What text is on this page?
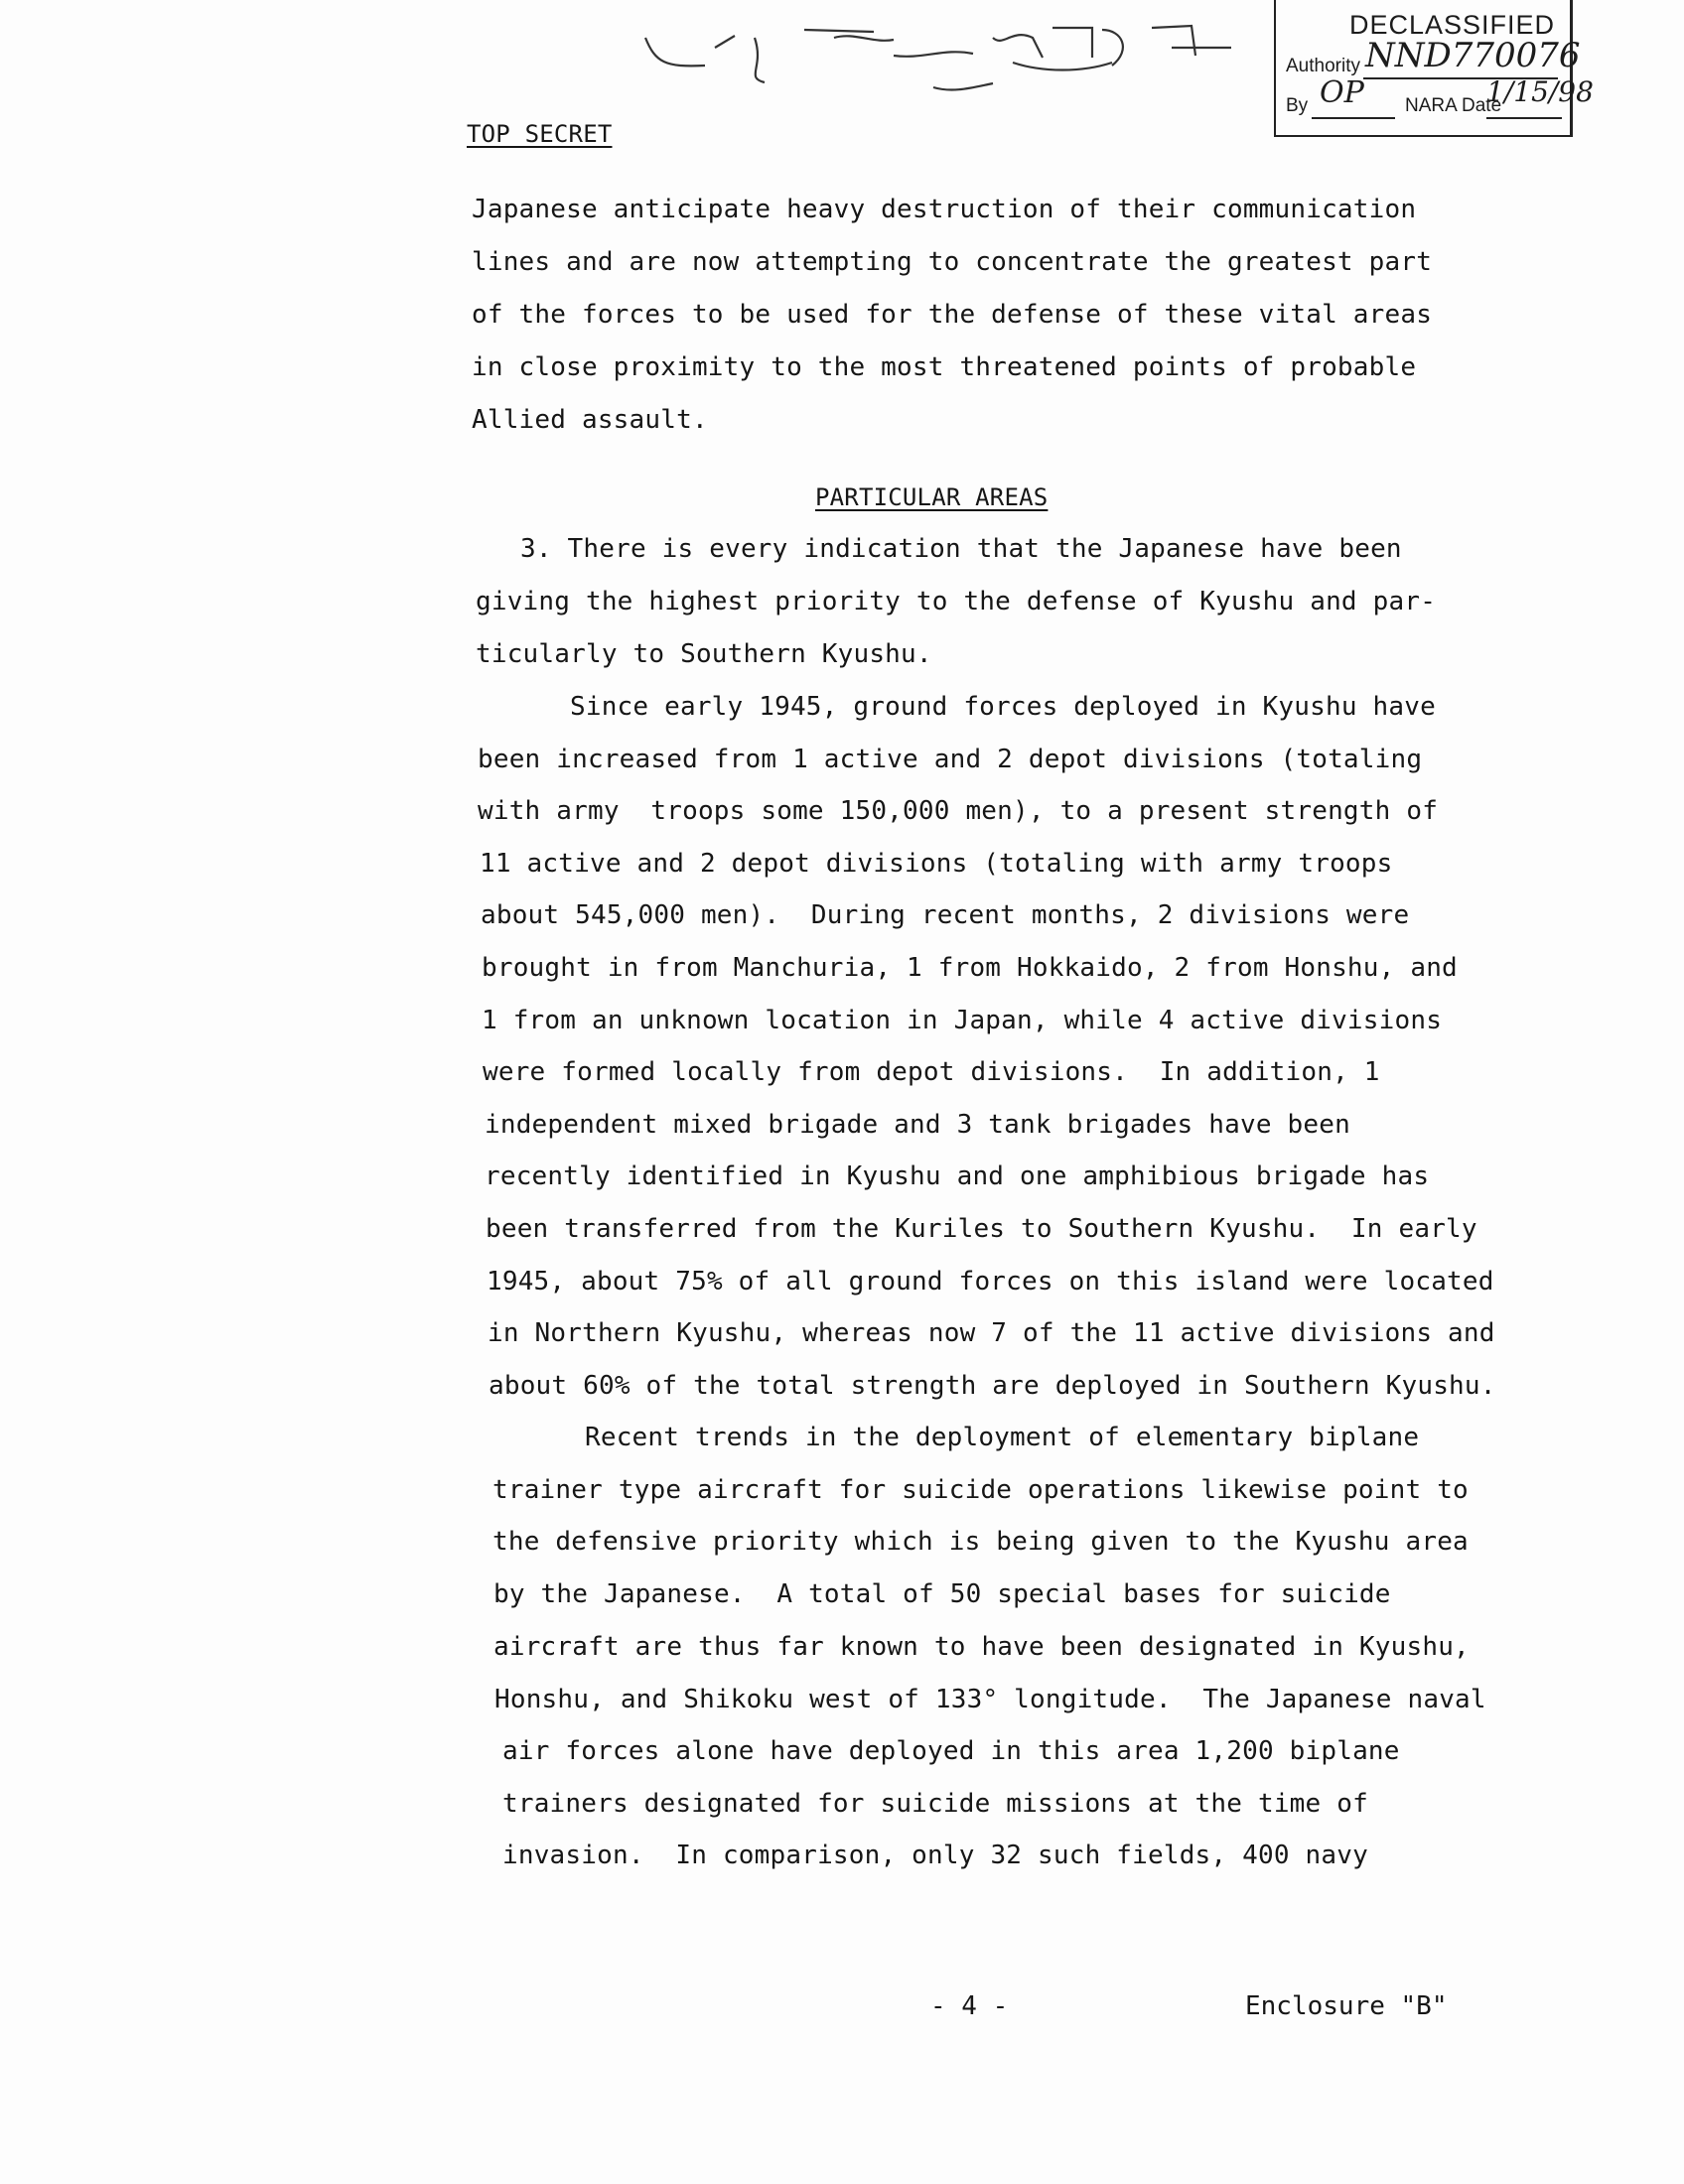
DECLASSIFIED
Authority NND770076
By OP NARA Date
1/15/98
TOP SECRET
Japanese anticipate heavy destruction of their communication
lines and are now attempting to concentrate the greatest part
of the forces to be used for the defense of these vital areas
in close proximity to the most threatened points of probable
Allied assault.
PARTICULAR AREAS
3. There is every indication that the Japanese have been
giving the highest priority to the defense of Kyushu and par-
ticularly to Southern Kyushu.
Since early 1945, ground forces deployed in Kyushu have
been increased from 1 active and 2 depot divisions (totaling
with army  troops some 150,000 men), to a present strength of
11 active and 2 depot divisions (totaling with army troops
about 545,000 men).  During recent months, 2 divisions were
brought in from Manchuria, 1 from Hokkaido, 2 from Honshu, and
1 from an unknown location in Japan, while 4 active divisions
were formed locally from depot divisions.  In addition, 1
independent mixed brigade and 3 tank brigades have been
recently identified in Kyushu and one amphibious brigade has
been transferred from the Kuriles to Southern Kyushu.  In early
1945, about 75% of all ground forces on this island were located
in Northern Kyushu, whereas now 7 of the 11 active divisions and
about 60% of the total strength are deployed in Southern Kyushu.
Recent trends in the deployment of elementary biplane
trainer type aircraft for suicide operations likewise point to
the defensive priority which is being given to the Kyushu area
by the Japanese.  A total of 50 special bases for suicide
aircraft are thus far known to have been designated in Kyushu,
Honshu, and Shikoku west of 133° longitude.  The Japanese naval
air forces alone have deployed in this area 1,200 biplane
trainers designated for suicide missions at the time of
invasion.  In comparison, only 32 such fields, 400 navy
- 4 -	Enclosure "B"
